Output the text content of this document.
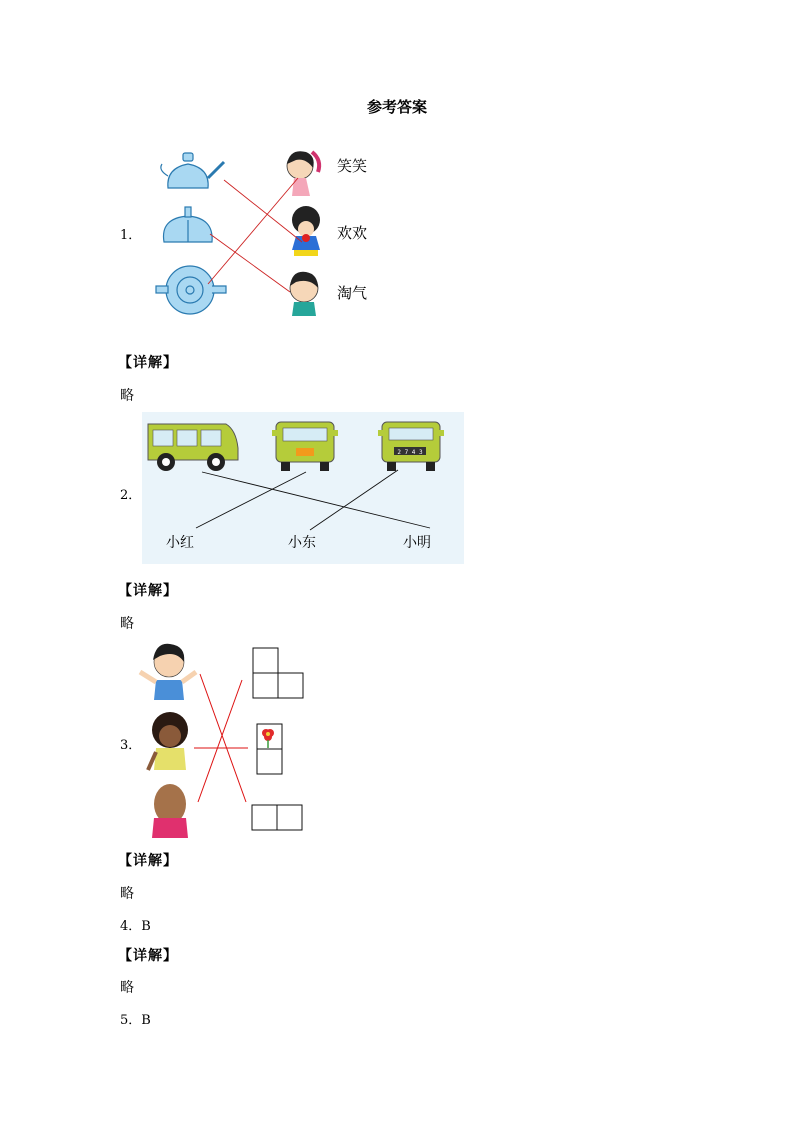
参考答案
1．
笑笑
欢欢
淘气
【详解】
略
2．
2 7 4 3
小红	小东	小明
【详解】
略
3．
【详解】
略
4．B
【详解】
略
5．B
